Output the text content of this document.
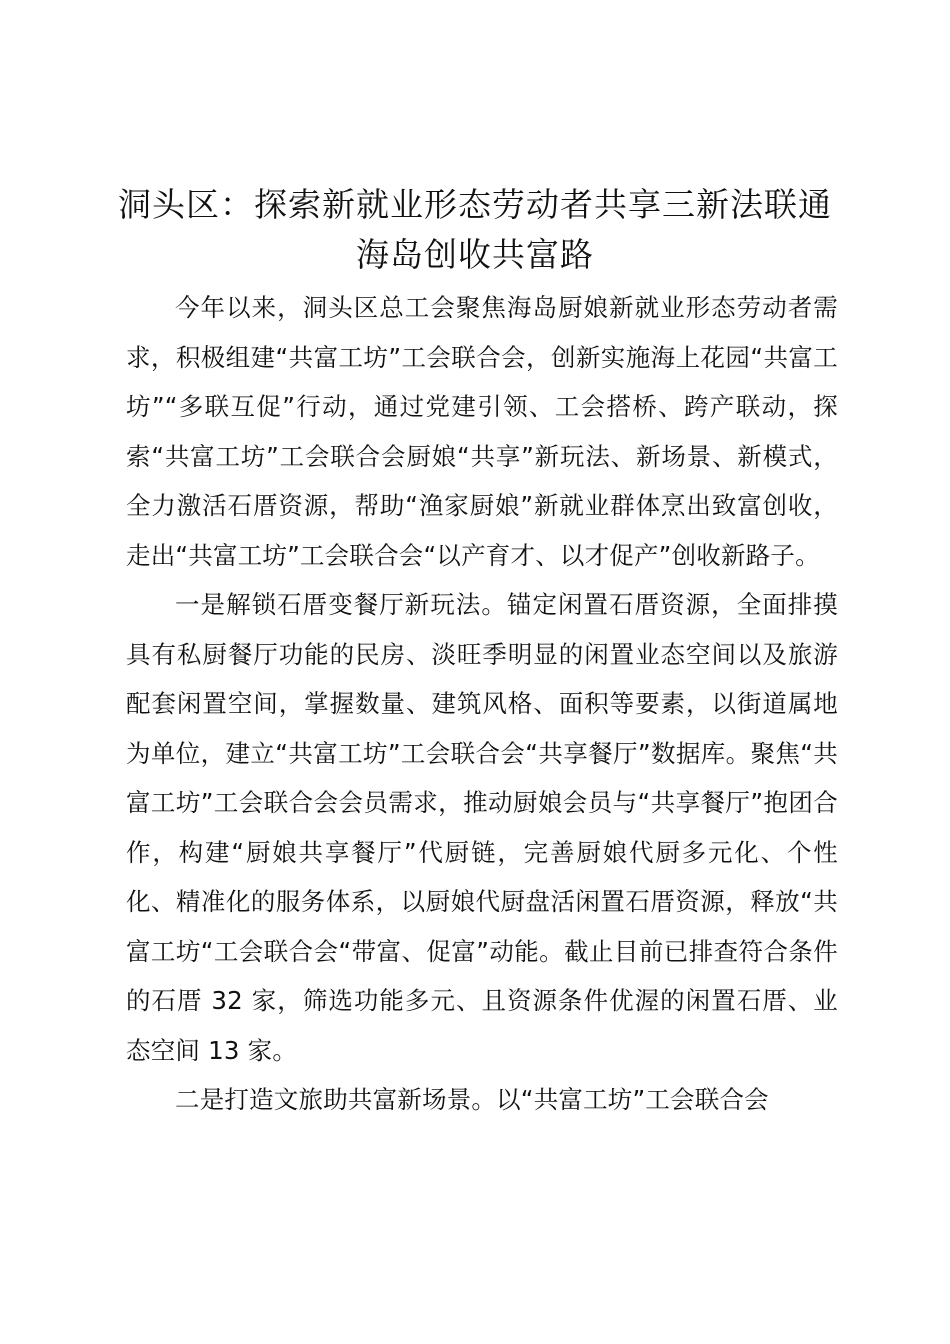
洞头区：探索新就业形态劳动者共享三新法联通海岛创收共富路

今年以来，洞头区总工会聚焦海岛厨娘新就业形态劳动者需求，积极组建“共富工坊”工会联合会，创新实施海上花园“共富工坊”“多联互促”行动，通过党建引领、工会搭桥、跨产联动，探索“共富工坊”工会联合会厨娘“共享”新玩法、新场景、新模式，全力激活石厝资源，帮助“渔家厨娘”新就业群体烹出致富创收，走出“共富工坊”工会联合会“以产育才、以才促产”创收新路子。

一是解锁石厝变餐厅新玩法。锚定闲置石厝资源，全面排摸具有私厨餐厅功能的民房、淡旺季明显的闲置业态空间以及旅游配套闲置空间，掌握数量、建筑风格、面积等要素，以街道属地为单位，建立“共富工坊”工会联合会“共享餐厅”数据库。聚焦“共富工坊”工会联合会会员需求，推动厨娘会员与“共享餐厅”抱团合作，构建“厨娘共享餐厅”代厨链，完善厨娘代厨多元化、个性化、精准化的服务体系，以厨娘代厨盘活闲置石厝资源，释放“共富工坊“工会联合会“带富、促富”动能。截止目前已排查符合条件的石厝 32 家，筛选功能多元、且资源条件优渥的闲置石厝、业态空间 13 家。

二是打造文旅助共富新场景。以“共富工坊”工会联合会
